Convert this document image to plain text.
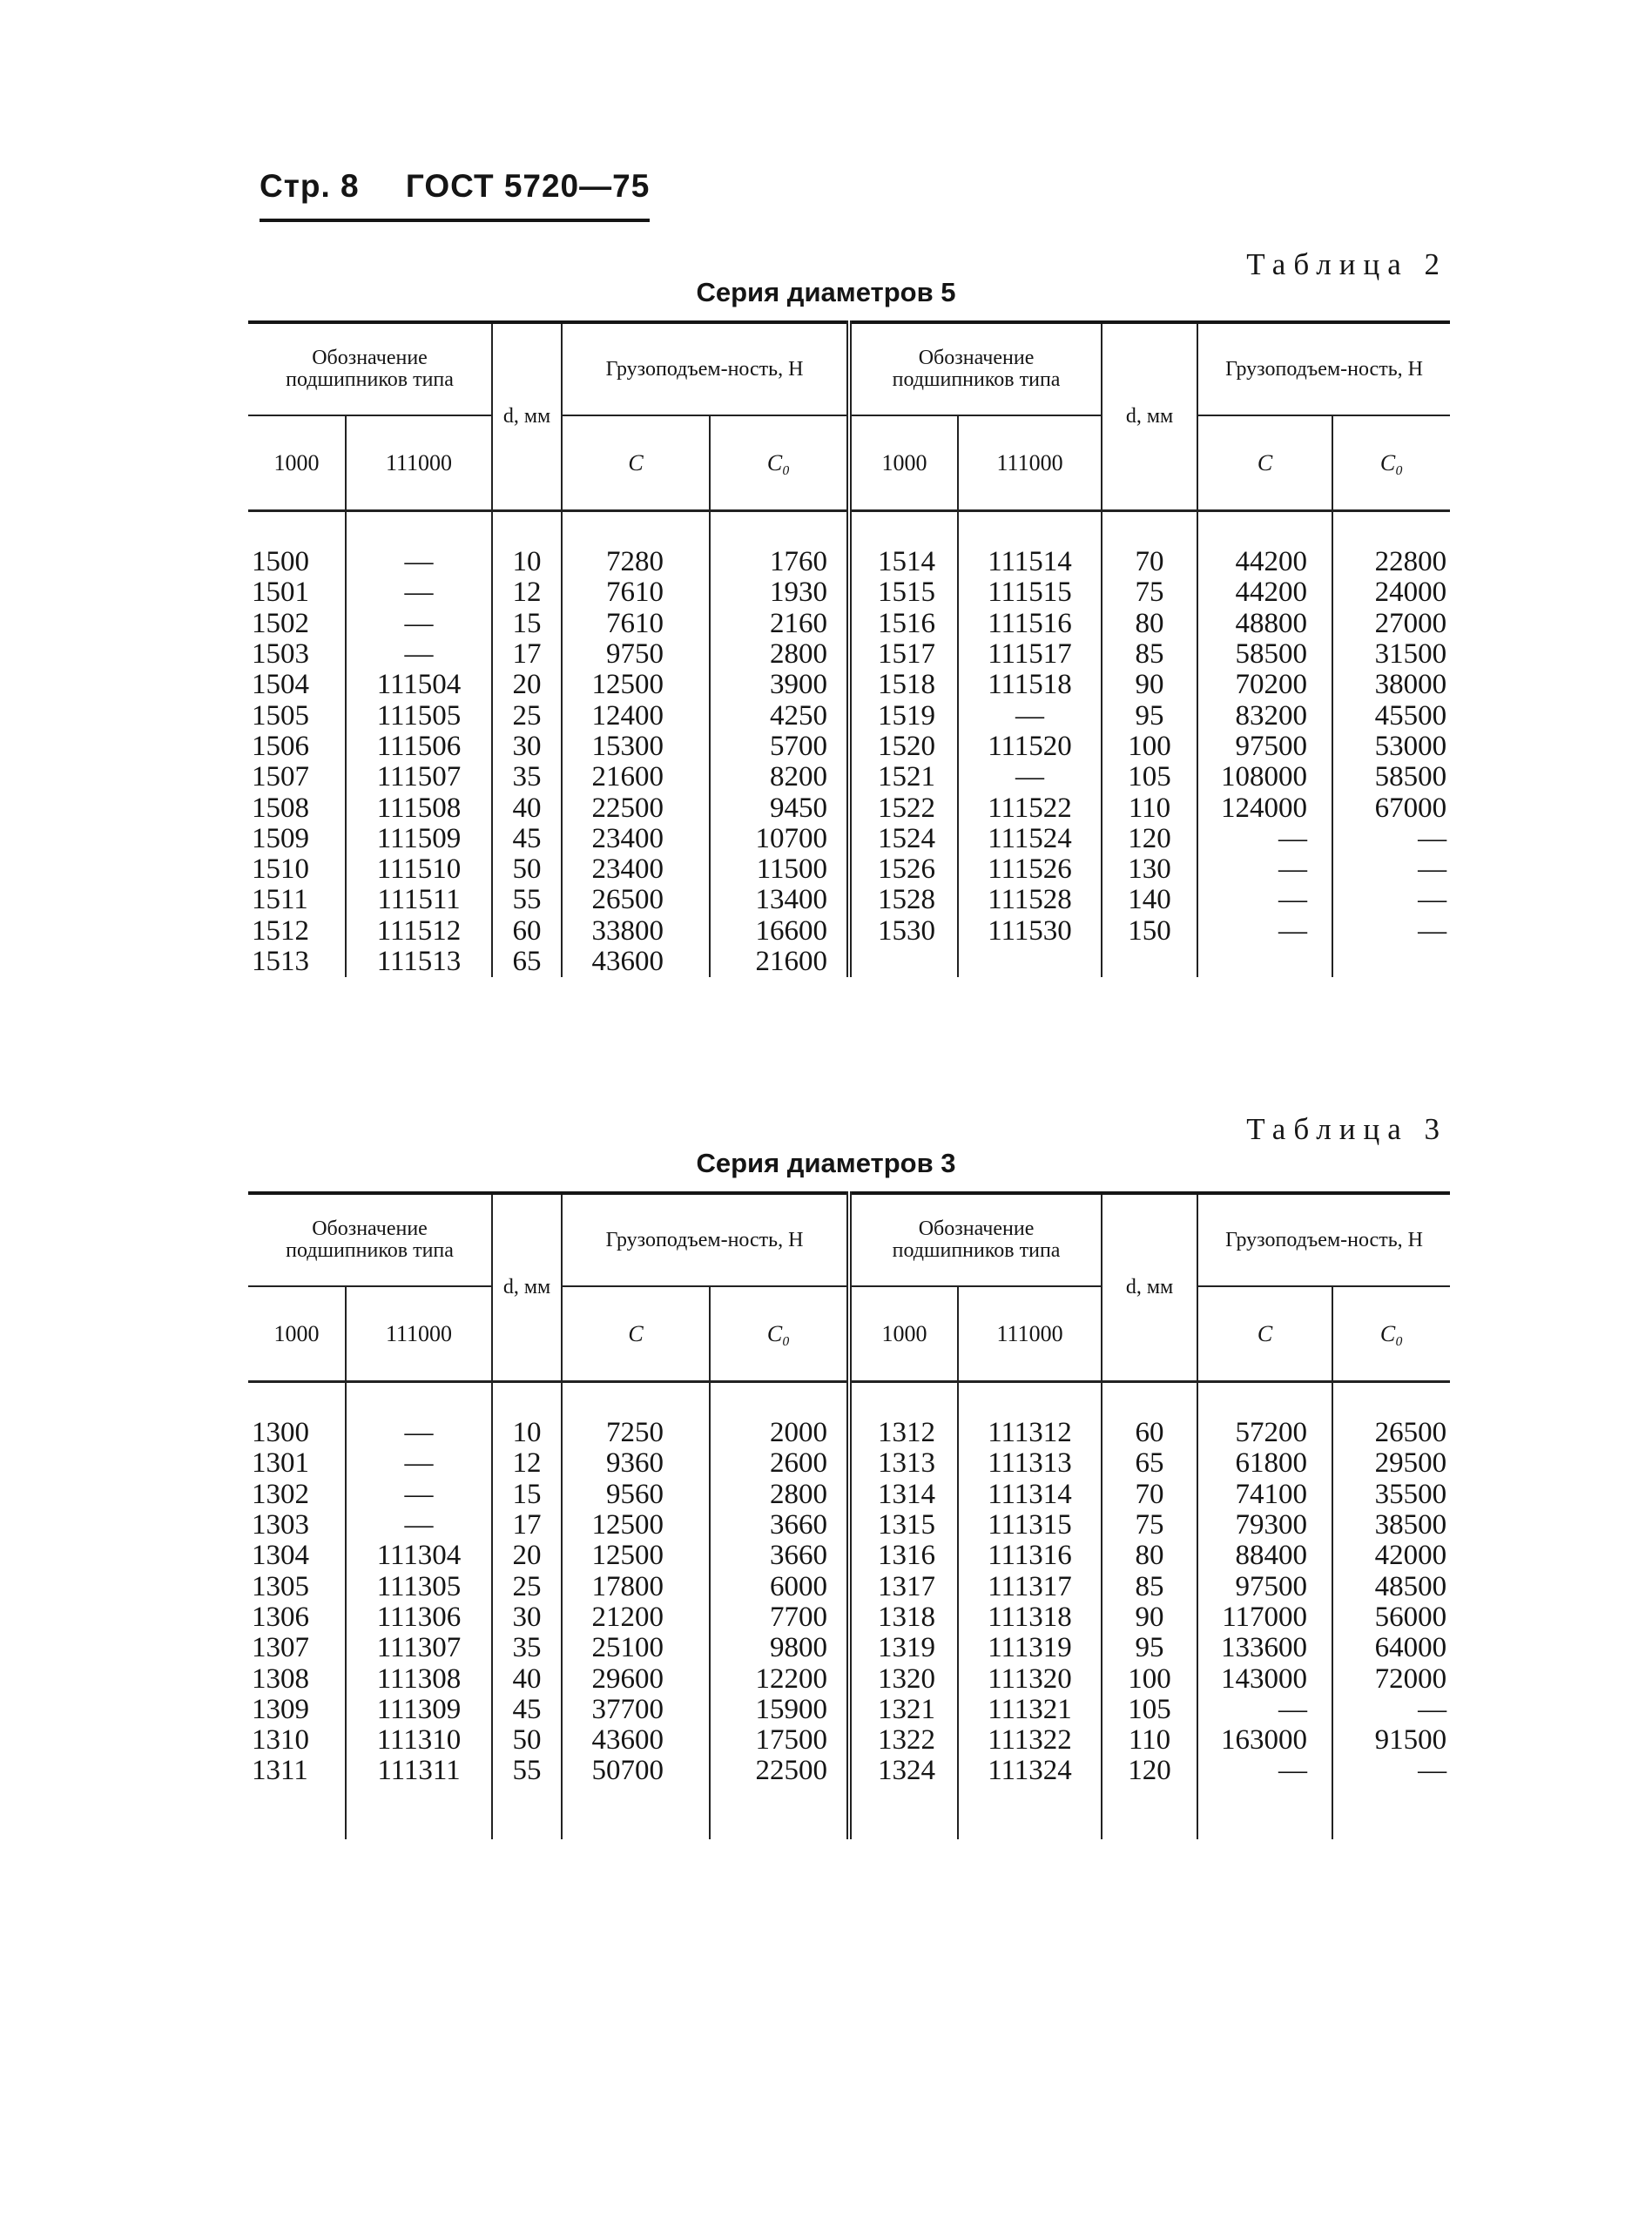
Стр. 8 ГОСТ 5720—75
Таблица 2
Серия диаметров 5
Обозначение подшипников типа		d, мм	Грузоподъем-ность, Н		Обозначение подшипников типа		d, мм	Грузоподъем-ность, Н	
1000	111000		C	C₀	1000	111000		C	C₀
1500	—	10	7280	1760	1514	111514	70	44200	22800
1501	—	12	7610	1930	1515	111515	75	44200	24000
1502	—	15	7610	2160	1516	111516	80	48800	27000
1503	—	17	9750	2800	1517	111517	85	58500	31500
1504	111504	20	12500	3900	1518	111518	90	70200	38000
1505	111505	25	12400	4250	1519	—	95	83200	45500
1506	111506	30	15300	5700	1520	111520	100	97500	53000
1507	111507	35	21600	8200	1521	—	105	108000	58500
1508	111508	40	22500	9450	1522	111522	110	124000	67000
1509	111509	45	23400	10700	1524	111524	120	—	—
1510	111510	50	23400	11500	1526	111526	130	—	—
1511	111511	55	26500	13400	1528	111528	140	—	—
1512	111512	60	33800	16600	1530	111530	150	—	—
1513	111513	65	43600	21600					
Таблица 3
Серия диаметров 3
Обозначение подшипников типа		d, мм	Грузоподъем-ность, Н		Обозначение подшипников типа		d, мм	Грузоподъем-ность, Н	
1000	111000		C	C₀	1000	111000		C	C₀
1300	—	10	7250	2000	1312	111312	60	57200	26500
1301	—	12	9360	2600	1313	111313	65	61800	29500
1302	—	15	9560	2800	1314	111314	70	74100	35500
1303	—	17	12500	3660	1315	111315	75	79300	38500
1304	111304	20	12500	3660	1316	111316	80	88400	42000
1305	111305	25	17800	6000	1317	111317	85	97500	48500
1306	111306	30	21200	7700	1318	111318	90	117000	56000
1307	111307	35	25100	9800	1319	111319	95	133600	64000
1308	111308	40	29600	12200	1320	111320	100	143000	72000
1309	111309	45	37700	15900	1321	111321	105	—	—
1310	111310	50	43600	17500	1322	111322	110	163000	91500
1311	111311	55	50700	22500	1324	111324	120	—	—
